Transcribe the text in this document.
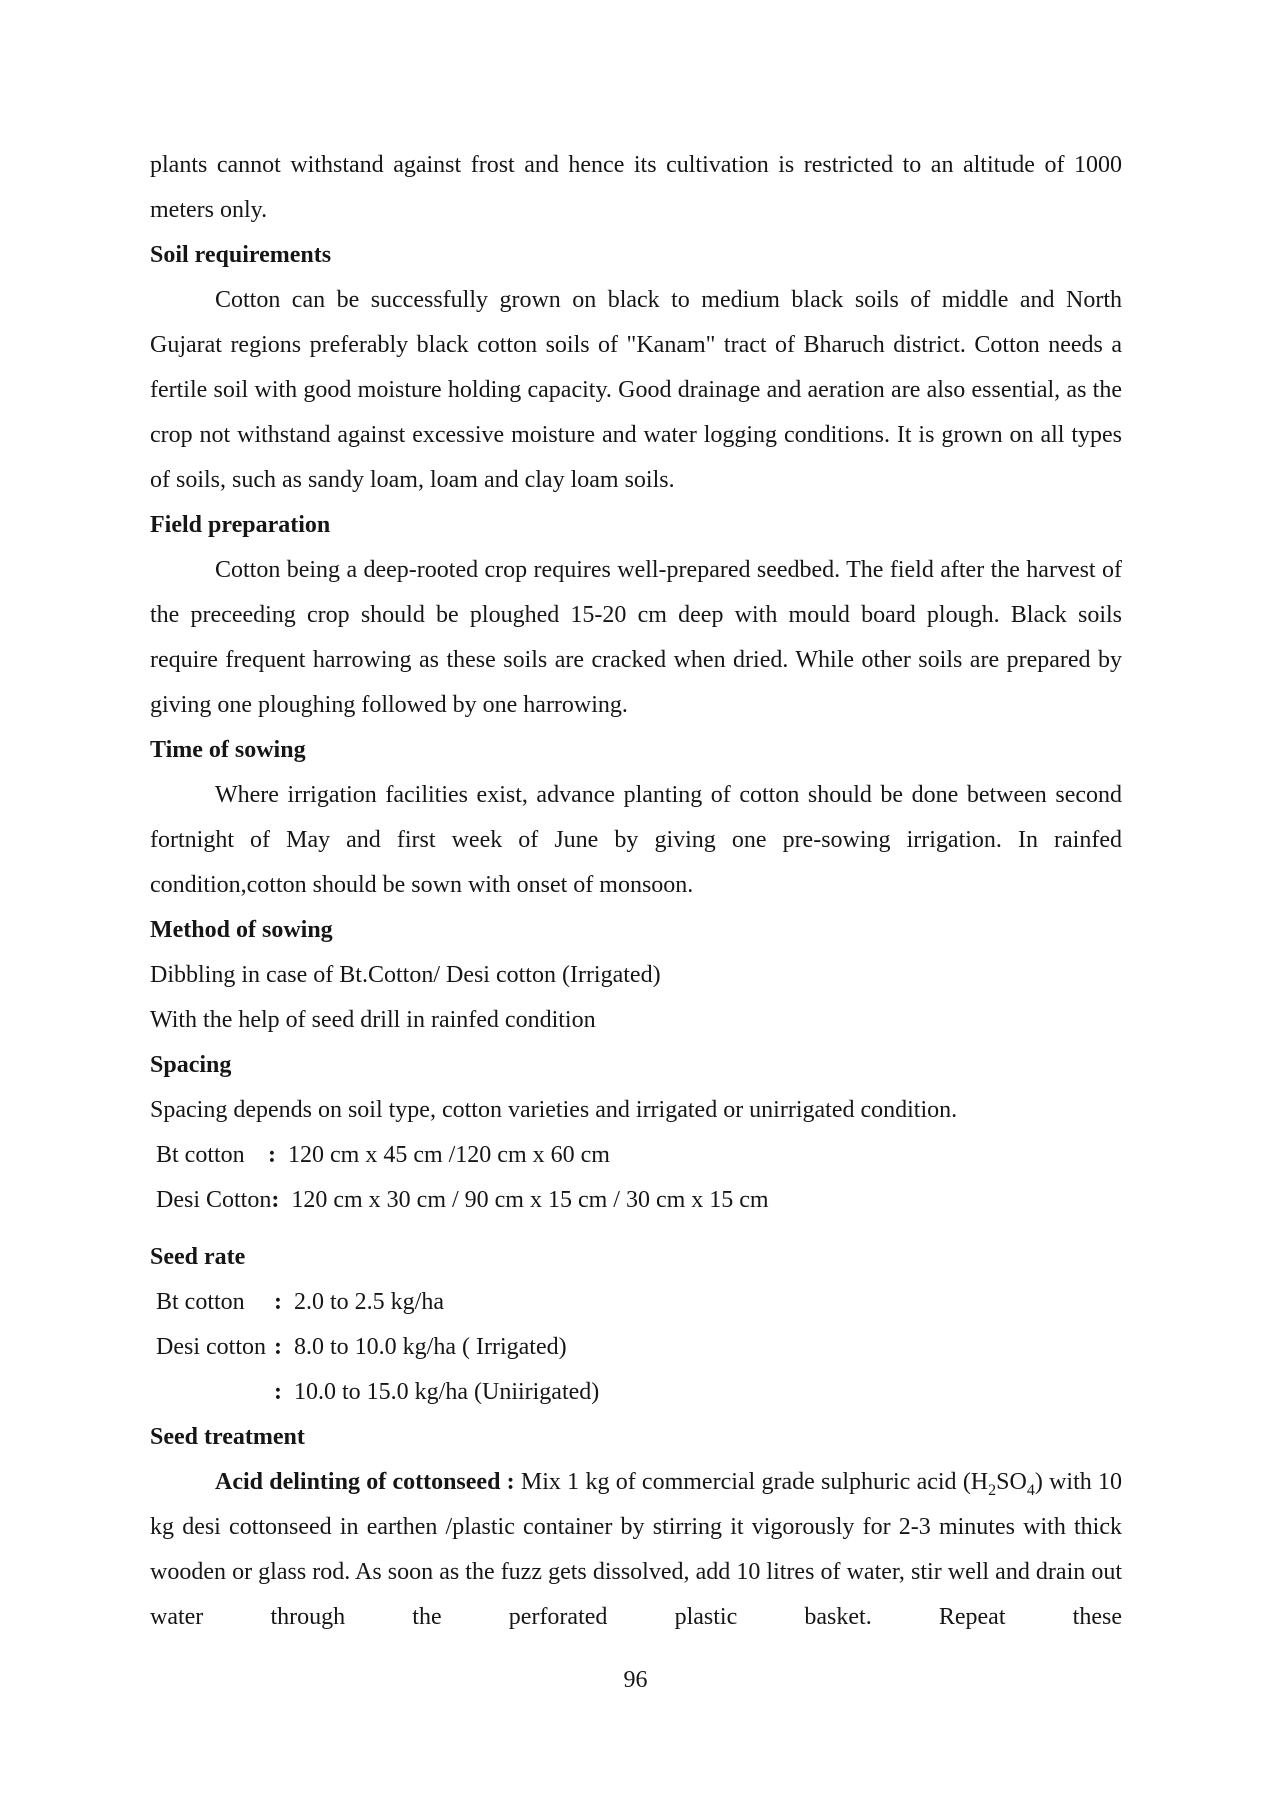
plants cannot withstand against frost and hence its cultivation is restricted to an altitude of 1000 meters only.

Soil requirements

Cotton can be successfully grown on black to medium black soils of middle and North Gujarat regions preferably black cotton soils of "Kanam" tract of Bharuch district. Cotton needs a fertile soil with good moisture holding capacity. Good drainage and aeration are also essential, as the crop not withstand against excessive moisture and water logging conditions. It is grown on all types of soils, such as sandy loam, loam and clay loam soils.

Field preparation

Cotton being a deep-rooted crop requires well-prepared seedbed. The field after the harvest of the preceeding crop should be ploughed 15-20 cm deep with mould board plough. Black soils require frequent harrowing as these soils are cracked when dried. While other soils are prepared by giving one ploughing followed by one harrowing.

Time of sowing

Where irrigation facilities exist, advance planting of cotton should be done between second fortnight of May and first week of June by giving one pre-sowing irrigation. In rainfed condition,cotton should be sown with onset of monsoon.

Method of sowing
Dibbling in case of Bt.Cotton/ Desi cotton (Irrigated)
With the help of seed drill in rainfed condition
Spacing
Spacing depends on soil type, cotton varieties and irrigated or unirrigated condition.
Bt cotton : 120 cm x 45 cm /120 cm x 60 cm
Desi Cotton: 120 cm x 30 cm / 90 cm x 15 cm / 30 cm x 15 cm
Seed rate
Bt cotton : 2.0 to 2.5 kg/ha
Desi cotton : 8.0 to 10.0 kg/ha ( Irrigated)
: 10.0 to 15.0 kg/ha (Uniirigated)
Seed treatment

Acid delinting of cottonseed : Mix 1 kg of commercial grade sulphuric acid $(H_2SO_4)$ with 10 kg desi cottonseed in earthen /plastic container by stirring it vigorously for 2-3 minutes with thick wooden or glass rod. As soon as the fuzz gets dissolved, add 10 litres of water, stir well and drain out water through the perforated plastic basket. Repeat these

96
